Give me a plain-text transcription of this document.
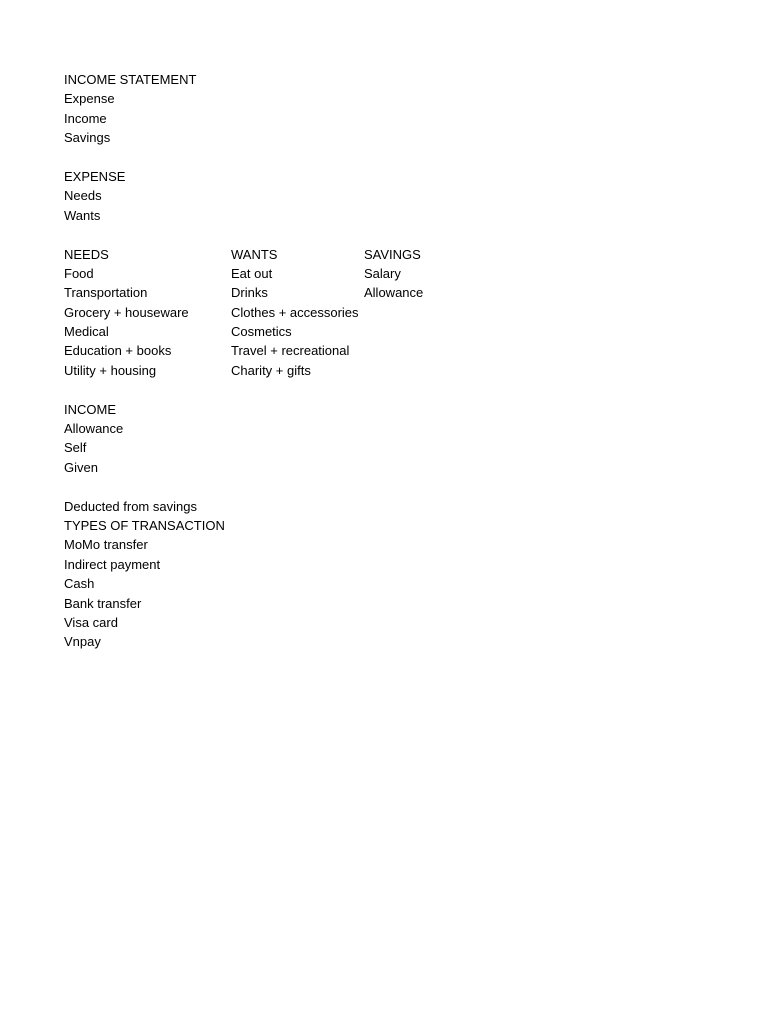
INCOME STATEMENT
Expense
Income
Savings
EXPENSE
Needs
Wants
NEEDS	WANTS	SAVINGS
Food	Eat out	Salary
Transportation	Drinks	Allowance
Grocery + houseware	Clothes + accessories
Medical	Cosmetics
Education + books	Travel + recreational
Utility + housing	Charity + gifts
INCOME
Allowance
Self
Given
Deducted from savings
TYPES OF TRANSACTION
MoMo transfer
Indirect payment
Cash
Bank transfer
Visa card
Vnpay
